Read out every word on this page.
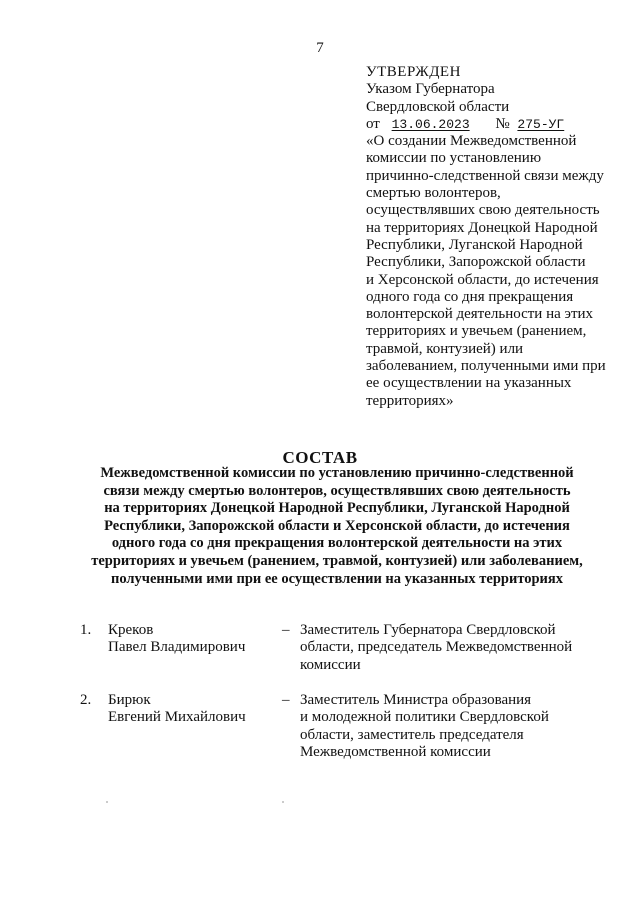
7

УТВЕРЖДЕН

Указом Губернатора

Свердловской области

от 13.06.2023 № 275-УГ

«О создании Межведомственной

комиссии по установлению

причинно-следственной связи между

смертью волонтеров,

осуществлявших свою деятельность

на территориях Донецкой Народной

Республики, Луганской Народной

Республики, Запорожской области

и Херсонской области, до истечения

одного года со дня прекращения

волонтерской деятельности на этих

территориях и увечьем (ранением,

травмой, контузией) или

заболеванием, полученными ими при

ее осуществлении на указанных

территориях»

СОСТАВ
Межведомственной комиссии по установлению причинно-следственной
связи между смертью волонтеров, осуществлявших свою деятельность
на территориях Донецкой Народной Республики, Луганской Народной
Республики, Запорожской области и Херсонской области, до истечения
одного года со дня прекращения волонтерской деятельности на этих
территориях и увечьем (ранением, травмой, контузией) или заболеванием,
полученными ими при ее осуществлении на указанных территориях
1. Креков
Павел Владимирович
– Заместитель Губернатора Свердловской
области, председатель Межведомственной
комиссии
2. Бирюк
Евгений Михайлович
– Заместитель Министра образования
и молодежной политики Свердловской
области, заместитель председателя
Межведомственной комиссии
